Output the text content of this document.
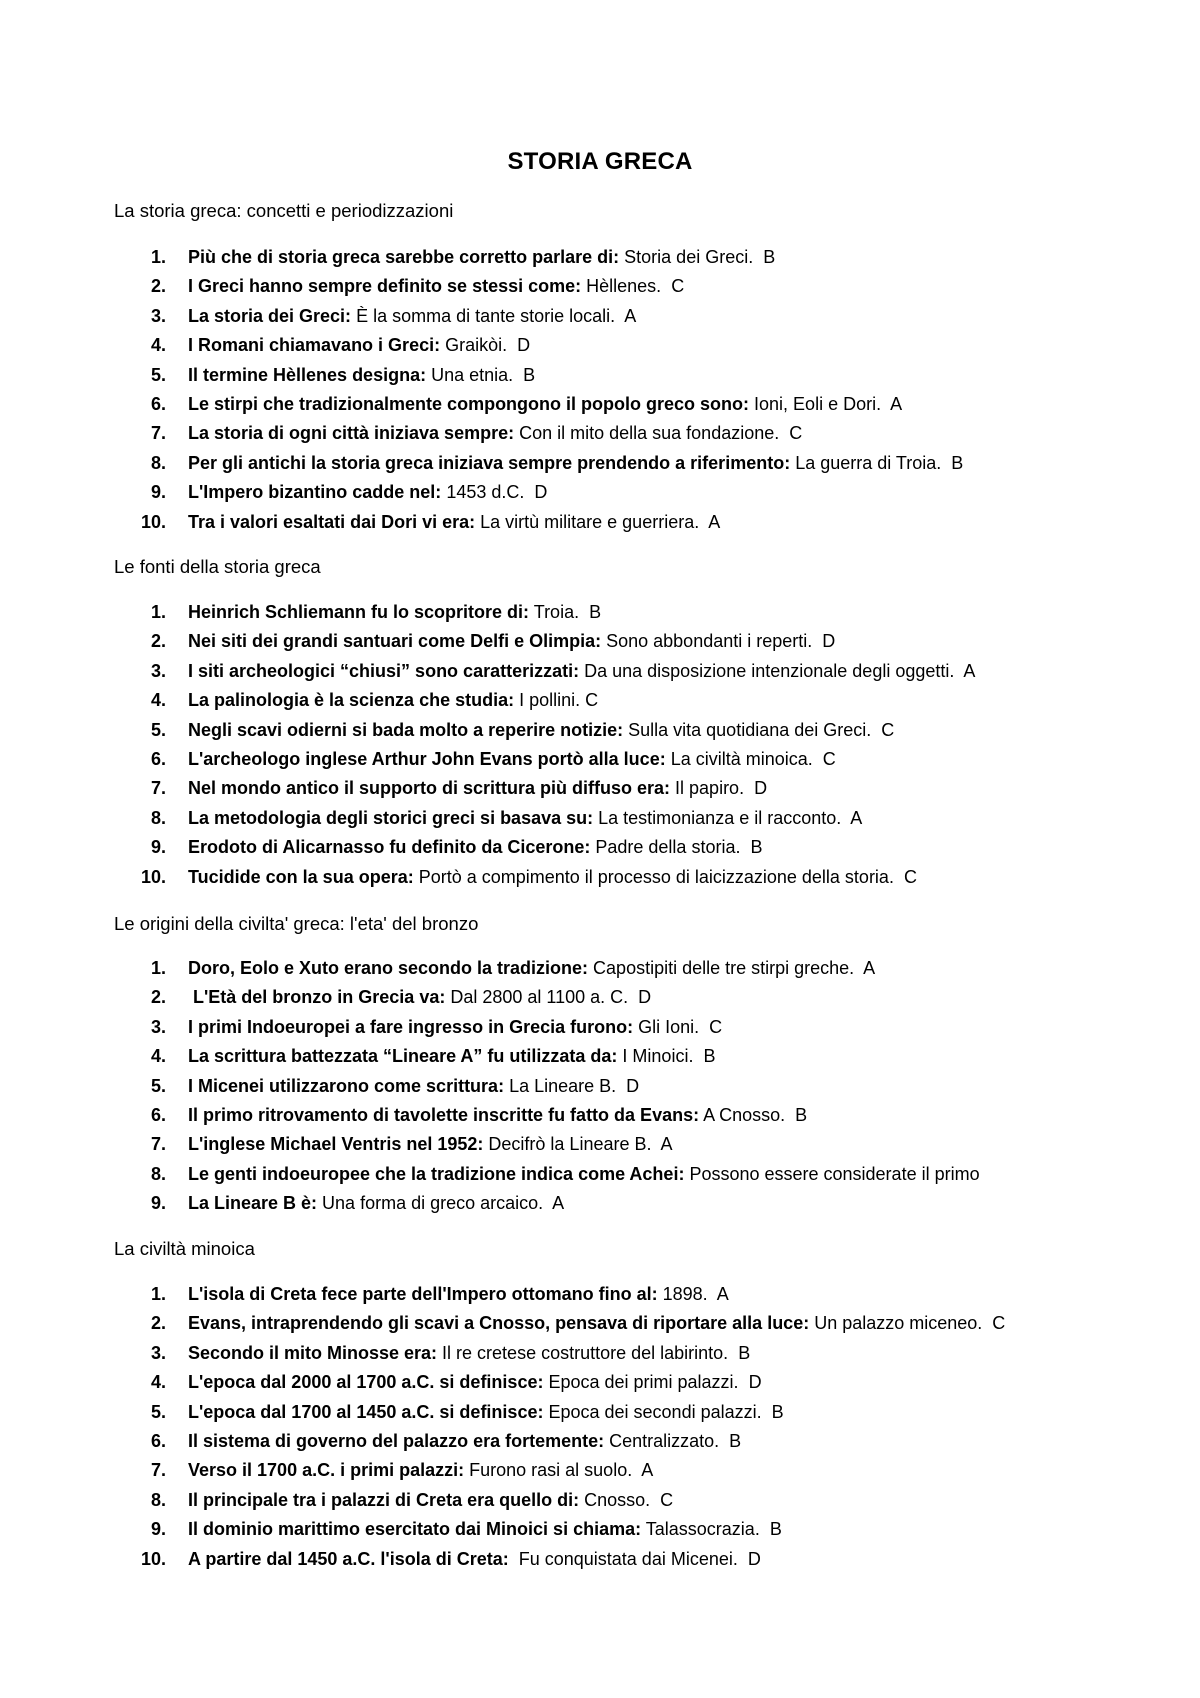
STORIA GRECA
La storia greca: concetti e periodizzazioni
1. Più che di storia greca sarebbe corretto parlare di: Storia dei Greci.  B
2. I Greci hanno sempre definito se stessi come: Hèllenes.  C
3. La storia dei Greci: È la somma di tante storie locali.  A
4. I Romani chiamavano i Greci: Graikòi.  D
5. Il termine Hèllenes designa: Una etnia.  B
6. Le stirpi che tradizionalmente compongono il popolo greco sono: Ioni, Eoli e Dori.  A
7. La storia di ogni città iniziava sempre: Con il mito della sua fondazione.  C
8. Per gli antichi la storia greca iniziava sempre prendendo a riferimento: La guerra di Troia.  B
9. L'Impero bizantino cadde nel: 1453 d.C.  D
10. Tra i valori esaltati dai Dori vi era: La virtù militare e guerriera.  A
Le fonti della storia greca
1. Heinrich Schliemann fu lo scopritore di: Troia.  B
2. Nei siti dei grandi santuari come Delfi e Olimpia: Sono abbondanti i reperti.  D
3. I siti archeologici “chiusi” sono caratterizzati: Da una disposizione intenzionale degli oggetti.  A
4. La palinologia è la scienza che studia: I pollini. C
5. Negli scavi odierni si bada molto a reperire notizie: Sulla vita quotidiana dei Greci.  C
6. L'archeologo inglese Arthur John Evans portò alla luce: La civiltà minoica.  C
7. Nel mondo antico il supporto di scrittura più diffuso era: Il papiro.  D
8. La metodologia degli storici greci si basava su: La testimonianza e il racconto.  A
9. Erodoto di Alicarnasso fu definito da Cicerone: Padre della storia.  B
10. Tucidide con la sua opera: Portò a compimento il processo di laicizzazione della storia.  C
Le origini della civilta' greca: l'eta' del bronzo
1. Doro, Eolo e Xuto erano secondo la tradizione: Capostipiti delle tre stirpi greche.  A
2. L'Età del bronzo in Grecia va: Dal 2800 al 1100 a. C.  D
3. I primi Indoeuropei a fare ingresso in Grecia furono: Gli Ioni.  C
4. La scrittura battezzata “Lineare A” fu utilizzata da: I Minoici.  B
5. I Micenei utilizzarono come scrittura: La Lineare B.  D
6. Il primo ritrovamento di tavolette inscritte fu fatto da Evans: A Cnosso.  B
7. L'inglese Michael Ventris nel 1952: Decifrò la Lineare B.  A
8. Le genti indoeuropee che la tradizione indica come Achei: Possono essere considerate il primo
9. La Lineare B è: Una forma di greco arcaico.  A
La civiltà minoica
1. L'isola di Creta fece parte dell'Impero ottomano fino al: 1898.  A
2. Evans, intraprendendo gli scavi a Cnosso, pensava di riportare alla luce: Un palazzo miceneo.  C
3. Secondo il mito Minosse era: Il re cretese costruttore del labirinto.  B
4. L'epoca dal 2000 al 1700 a.C. si definisce: Epoca dei primi palazzi.  D
5. L'epoca dal 1700 al 1450 a.C. si definisce: Epoca dei secondi palazzi.  B
6. Il sistema di governo del palazzo era fortemente: Centralizzato.  B
7. Verso il 1700 a.C. i primi palazzi: Furono rasi al suolo.  A
8. Il principale tra i palazzi di Creta era quello di: Cnosso.  C
9. Il dominio marittimo esercitato dai Minoici si chiama: Talassocrazia.  B
10. A partire dal 1450 a.C. l'isola di Creta:  Fu conquistata dai Micenei.  D
